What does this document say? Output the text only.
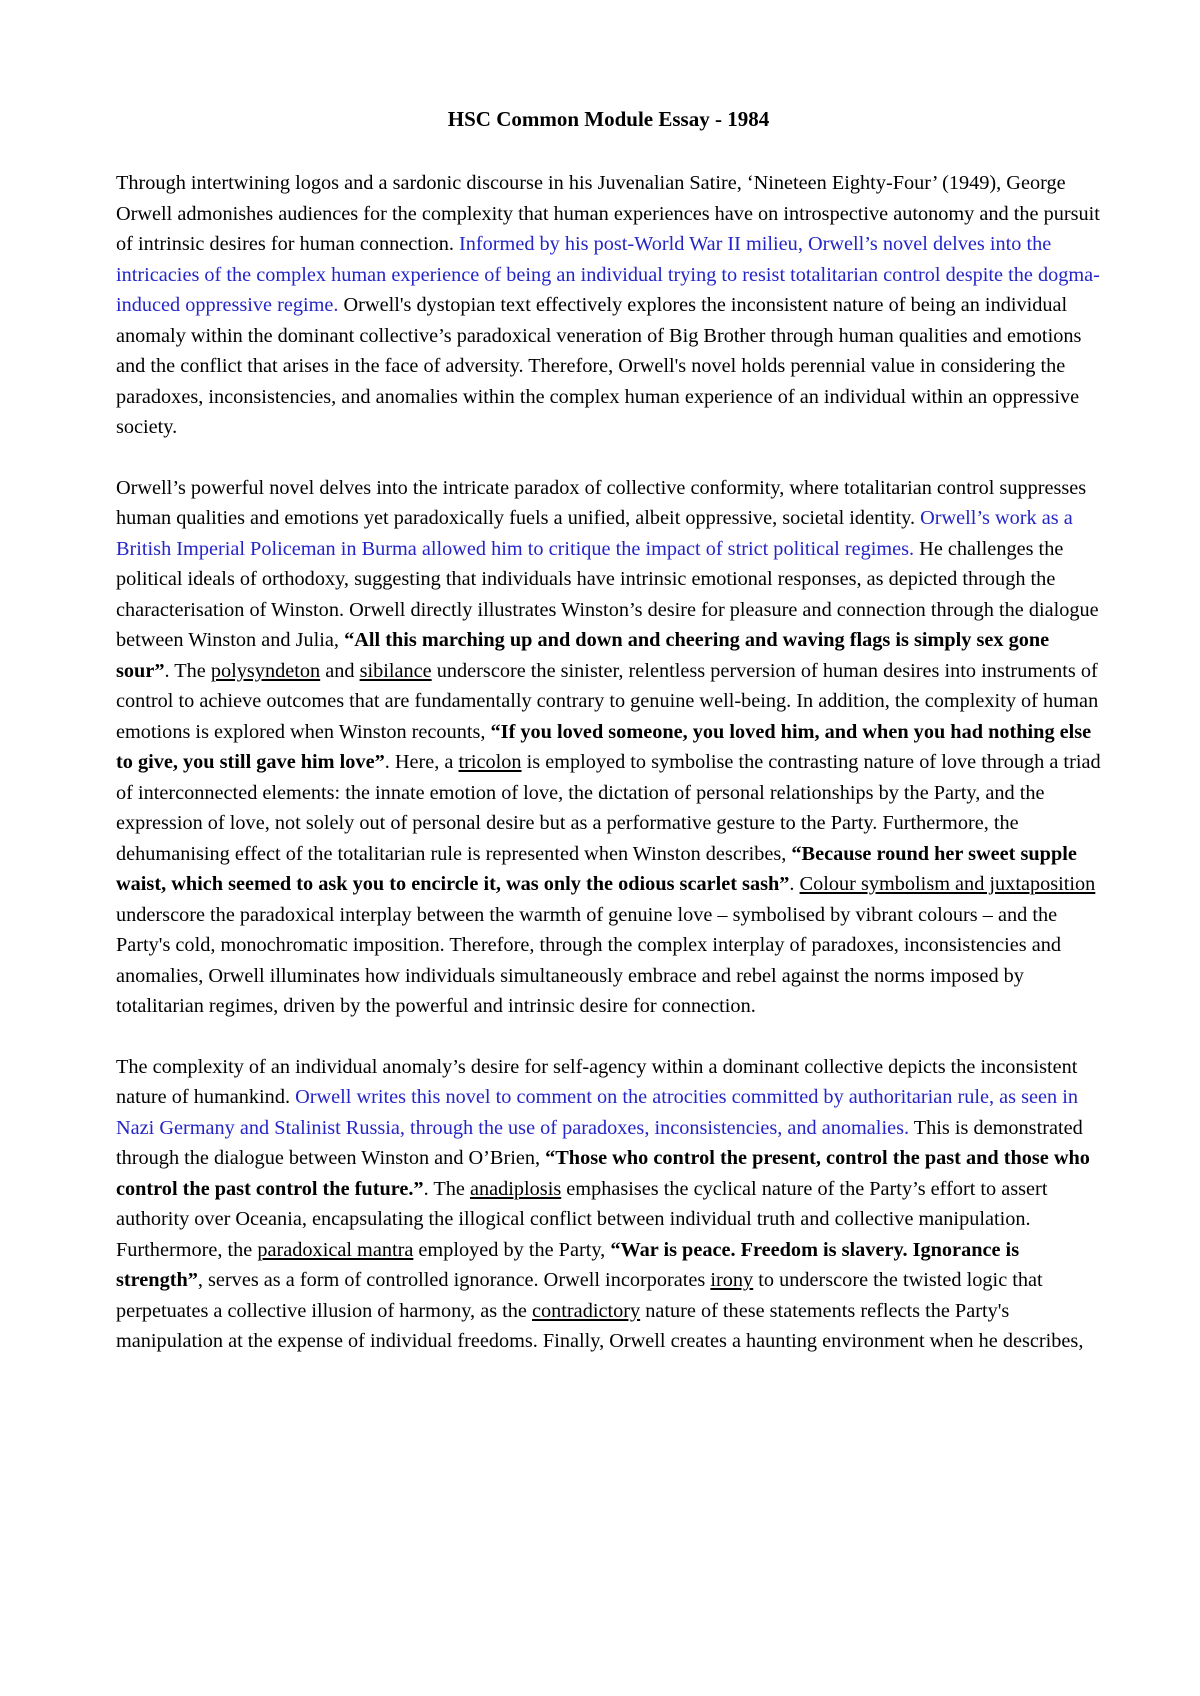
HSC Common Module Essay - 1984

Through intertwining logos and a sardonic discourse in his Juvenalian Satire, ‘Nineteen Eighty-Four’ (1949), George Orwell admonishes audiences for the complexity that human experiences have on introspective autonomy and the pursuit of intrinsic desires for human connection. Informed by his post-World War II milieu, Orwell’s novel delves into the intricacies of the complex human experience of being an individual trying to resist totalitarian control despite the dogma-induced oppressive regime. Orwell's dystopian text effectively explores the inconsistent nature of being an individual anomaly within the dominant collective’s paradoxical veneration of Big Brother through human qualities and emotions and the conflict that arises in the face of adversity. Therefore, Orwell's novel holds perennial value in considering the paradoxes, inconsistencies, and anomalies within the complex human experience of an individual within an oppressive society.

Orwell’s powerful novel delves into the intricate paradox of collective conformity, where totalitarian control suppresses human qualities and emotions yet paradoxically fuels a unified, albeit oppressive, societal identity. Orwell’s work as a British Imperial Policeman in Burma allowed him to critique the impact of strict political regimes. He challenges the political ideals of orthodoxy, suggesting that individuals have intrinsic emotional responses, as depicted through the characterisation of Winston. Orwell directly illustrates Winston’s desire for pleasure and connection through the dialogue between Winston and Julia, “All this marching up and down and cheering and waving flags is simply sex gone sour”. The polysyndeton and sibilance underscore the sinister, relentless perversion of human desires into instruments of control to achieve outcomes that are fundamentally contrary to genuine well-being. In addition, the complexity of human emotions is explored when Winston recounts, “If you loved someone, you loved him, and when you had nothing else to give, you still gave him love”. Here, a tricolon is employed to symbolise the contrasting nature of love through a triad of interconnected elements: the innate emotion of love, the dictation of personal relationships by the Party, and the expression of love, not solely out of personal desire but as a performative gesture to the Party. Furthermore, the dehumanising effect of the totalitarian rule is represented when Winston describes, “Because round her sweet supple waist, which seemed to ask you to encircle it, was only the odious scarlet sash”. Colour symbolism and juxtaposition underscore the paradoxical interplay between the warmth of genuine love – symbolised by vibrant colours – and the Party's cold, monochromatic imposition. Therefore, through the complex interplay of paradoxes, inconsistencies and anomalies, Orwell illuminates how individuals simultaneously embrace and rebel against the norms imposed by totalitarian regimes, driven by the powerful and intrinsic desire for connection.

The complexity of an individual anomaly’s desire for self-agency within a dominant collective depicts the inconsistent nature of humankind. Orwell writes this novel to comment on the atrocities committed by authoritarian rule, as seen in Nazi Germany and Stalinist Russia, through the use of paradoxes, inconsistencies, and anomalies. This is demonstrated through the dialogue between Winston and O’Brien, “Those who control the present, control the past and those who control the past control the future.”. The anadiplosis emphasises the cyclical nature of the Party’s effort to assert authority over Oceania, encapsulating the illogical conflict between individual truth and collective manipulation. Furthermore, the paradoxical mantra employed by the Party, “War is peace. Freedom is slavery. Ignorance is strength”, serves as a form of controlled ignorance. Orwell incorporates irony to underscore the twisted logic that perpetuates a collective illusion of harmony, as the contradictory nature of these statements reflects the Party's manipulation at the expense of individual freedoms. Finally, Orwell creates a haunting environment when he describes,
